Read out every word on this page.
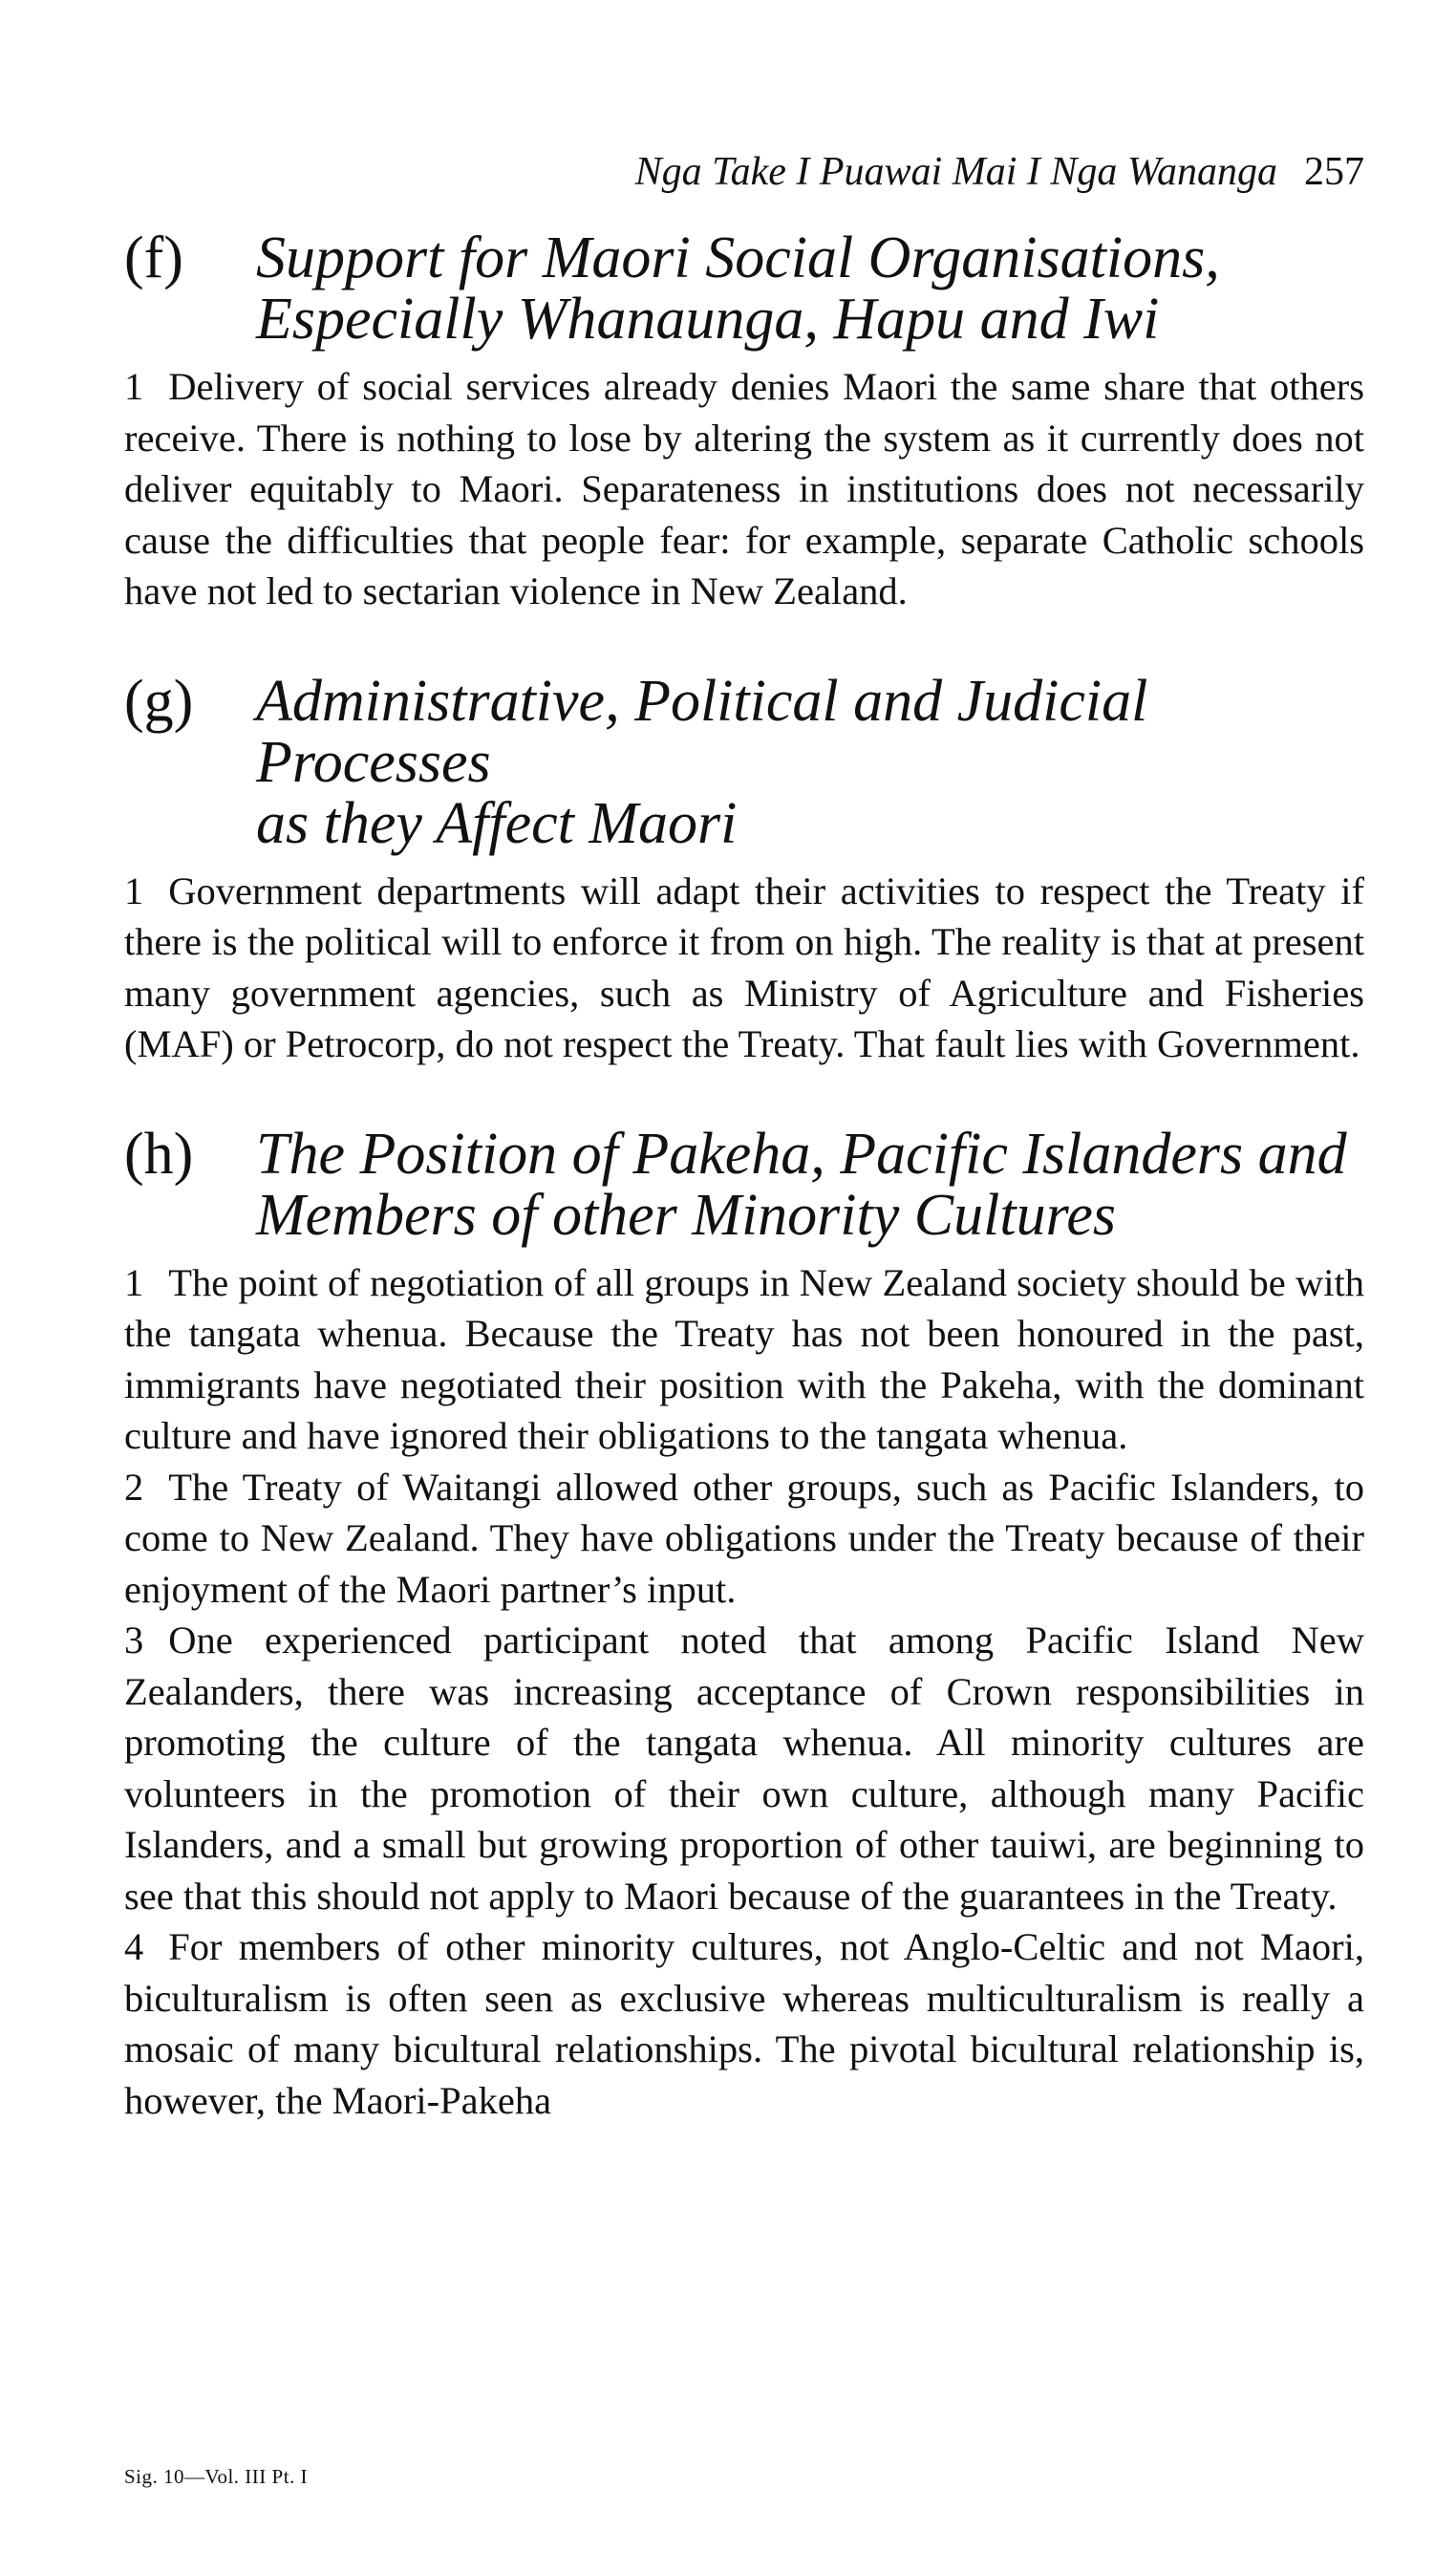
Nga Take I Puawai Mai I Nga Wananga 257
(f)	Support for Maori Social Organisations,
Especially Whanaunga, Hapu and Iwi

1 Delivery of social services already denies Maori the same share that others receive. There is nothing to lose by altering the system as it currently does not deliver equitably to Maori. Separateness in institutions does not necessarily cause the difficulties that people fear: for example, separate Catholic schools have not led to sectarian violence in New Zealand.

(g)	Administrative, Political and Judicial Processes
as they Affect Maori

1 Government departments will adapt their activities to respect the Treaty if there is the political will to enforce it from on high. The reality is that at present many government agencies, such as Ministry of Agriculture and Fisheries (MAF) or Petrocorp, do not respect the Treaty. That fault lies with Government.

(h)	The Position of Pakeha, Pacific Islanders and
Members of other Minority Cultures

1 The point of negotiation of all groups in New Zealand society should be with the tangata whenua. Because the Treaty has not been honoured in the past, immigrants have negotiated their position with the Pakeha, with the dominant culture and have ignored their obligations to the tangata whenua.

2 The Treaty of Waitangi allowed other groups, such as Pacific Islanders, to come to New Zealand. They have obligations under the Treaty because of their enjoyment of the Maori partner’s input.

3 One experienced participant noted that among Pacific Island New Zealanders, there was increasing acceptance of Crown responsibilities in promoting the culture of the tangata whenua. All minority cultures are volunteers in the promotion of their own culture, although many Pacific Islanders, and a small but growing proportion of other tauiwi, are beginning to see that this should not apply to Maori because of the guarantees in the Treaty.

4 For members of other minority cultures, not Anglo-Celtic and not Maori, biculturalism is often seen as exclusive whereas multiculturalism is really a mosaic of many bicultural relationships. The pivotal bicultural relationship is, however, the Maori-Pakeha

Sig. 10—Vol. III Pt. I
